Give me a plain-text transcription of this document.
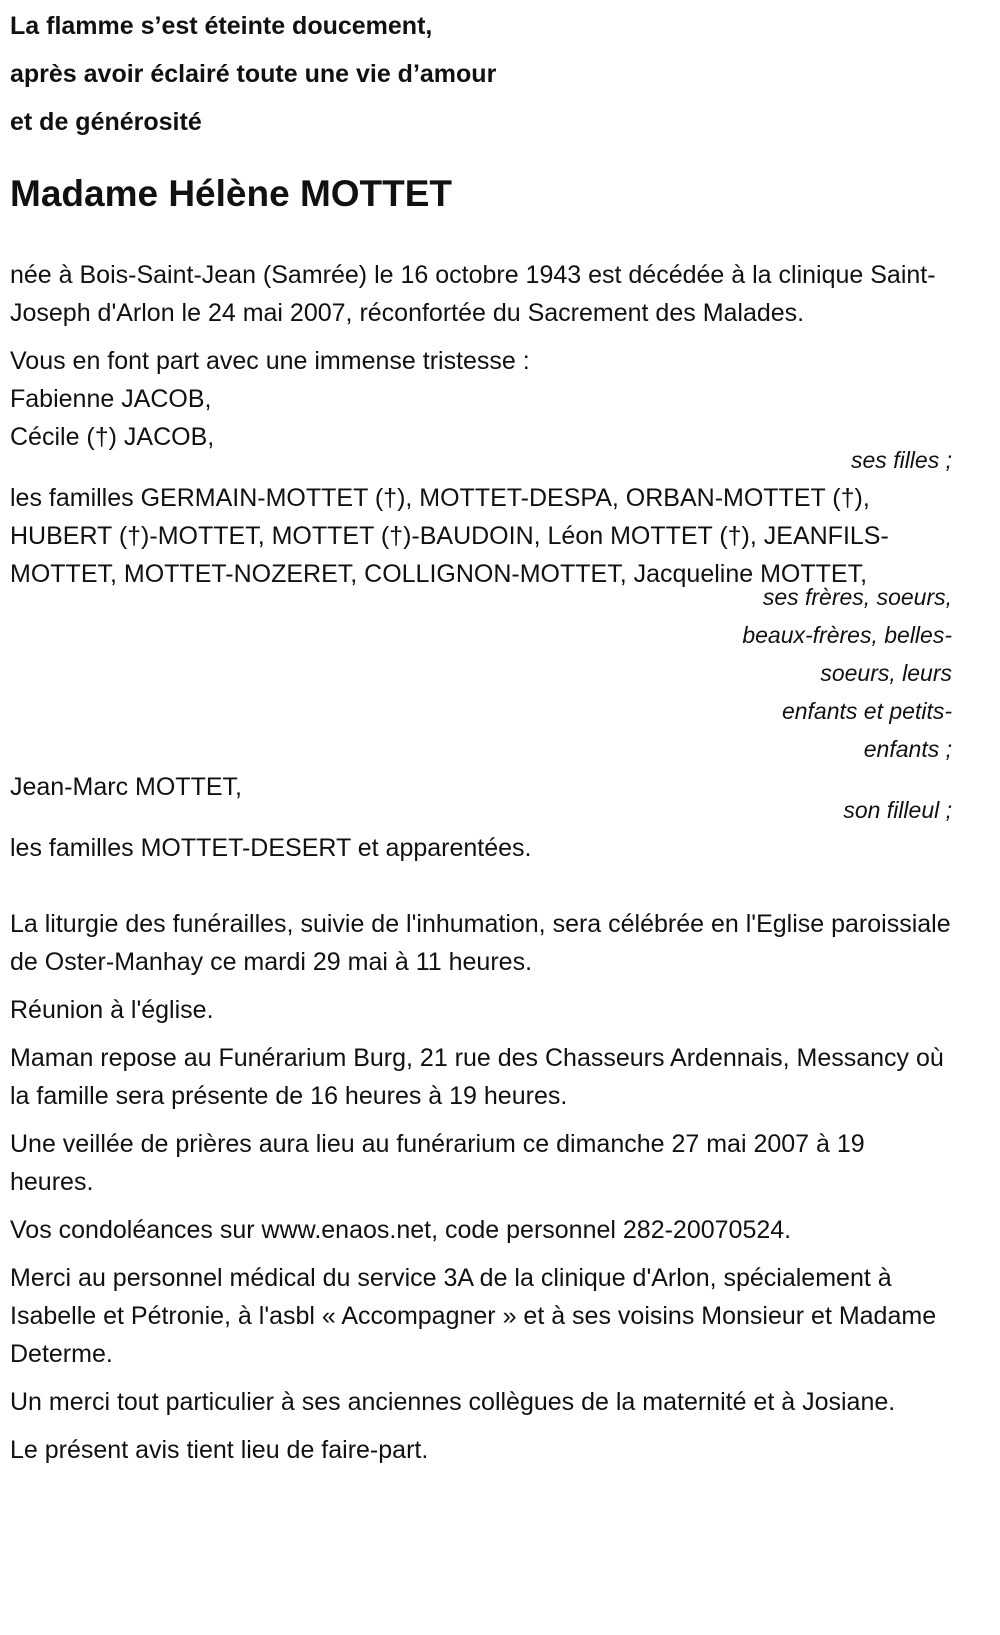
La flamme s’est éteinte doucement,
après avoir éclairé toute une vie d’amour
et de générosité
Madame Hélène MOTTET

née à Bois-Saint-Jean (Samrée) le 16 octobre 1943 est décédée à la clinique Saint-Joseph d'Arlon le 24 mai 2007, réconfortée du Sacrement des Malades.

Vous en font part avec une immense tristesse :
Fabienne JACOB,
Cécile (†) JACOB,
ses filles ;
les familles GERMAIN-MOTTET (†), MOTTET-DESPA, ORBAN-MOTTET (†), HUBERT (†)-MOTTET, MOTTET (†)-BAUDOIN, Léon MOTTET (†), JEANFILS-MOTTET, MOTTET-NOZERET, COLLIGNON-MOTTET, Jacqueline MOTTET,
ses frères, soeurs,
beaux-frères, belles-
soeurs, leurs
enfants et petits-
enfants ;
Jean-Marc MOTTET,
son filleul ;
les familles MOTTET-DESERT et apparentées.

La liturgie des funérailles, suivie de l'inhumation, sera célébrée en l'Eglise paroissiale de Oster-Manhay ce mardi 29 mai à 11 heures.

Réunion à l'église.

Maman repose au Funérarium Burg, 21 rue des Chasseurs Ardennais, Messancy où la famille sera présente de 16 heures à 19 heures.

Une veillée de prières aura lieu au funérarium ce dimanche 27 mai 2007 à 19 heures.

Vos condoléances sur www.enaos.net, code personnel 282-20070524.

Merci au personnel médical du service 3A de la clinique d'Arlon, spécialement à Isabelle et Pétronie, à l'asbl « Accompagner » et à ses voisins Monsieur et Madame Determe.

Un merci tout particulier à ses anciennes collègues de la maternité et à Josiane.

Le présent avis tient lieu de faire-part.
